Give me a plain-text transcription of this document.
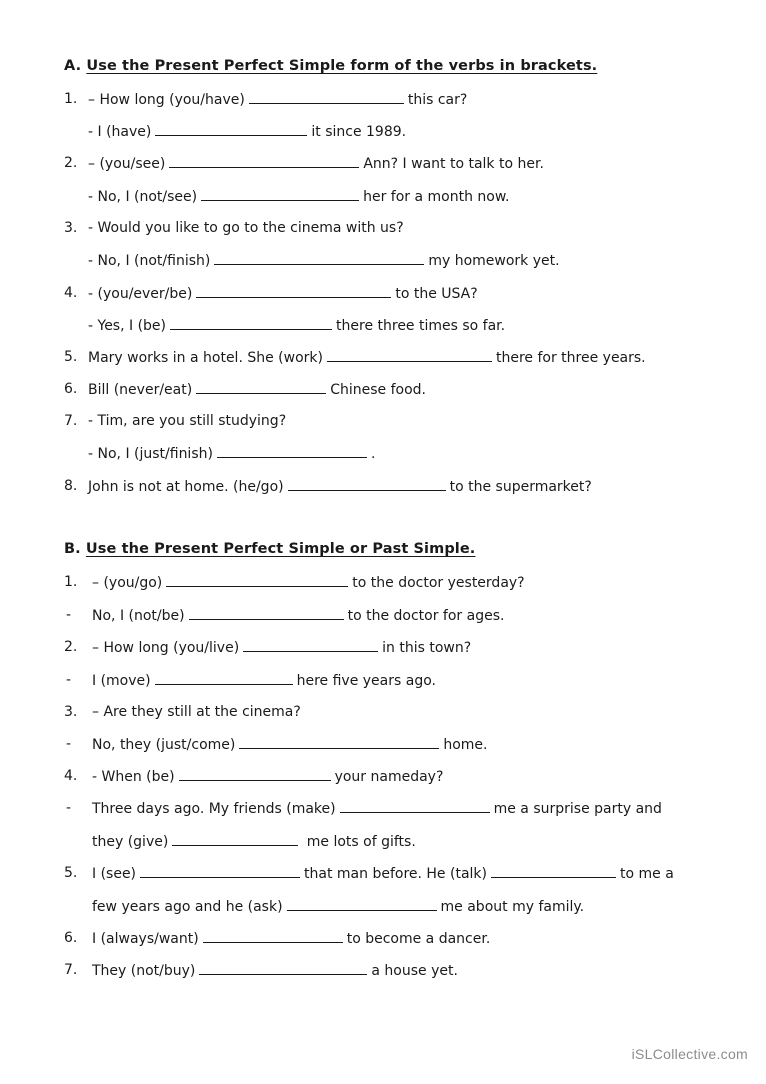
A. Use the Present Perfect Simple form of the verbs in brackets.
1. – How long (you/have)	this car?
- I (have)	it since 1989.
2. – (you/see)	Ann? I want to talk to her.
- No, I (not/see)	her for a month now.
3. - Would you like to go to the cinema with us?
- No, I (not/finish)	my homework yet.
4. - (you/ever/be)	to the USA?
- Yes, I (be)	there three times so far.
5. Mary works in a hotel. She (work)	there for three years.
6. Bill (never/eat)	Chinese food.
7. - Tim, are you still studying?
- No, I (just/finish)	.
8. John is not at home. (he/go)	to the supermarket?
B. Use the Present Perfect Simple or Past Simple.
1. – (you/go)	to the doctor yesterday?
- No, I (not/be)	to the doctor for ages.
2. – How long (you/live)	in this town?
- I (move)	here five years ago.
3. – Are they still at the cinema?
- No, they (just/come)	home.
4. - When (be)	your nameday?
- Three days ago. My friends (make)	me a surprise party and
they (give)	me lots of gifts.
5. I (see)	that man before. He (talk)	to me a
few years ago and he (ask)	me about my family.
6. I (always/want)	to become a dancer.
7. They (not/buy)	a house yet.
iSLCollective.com
